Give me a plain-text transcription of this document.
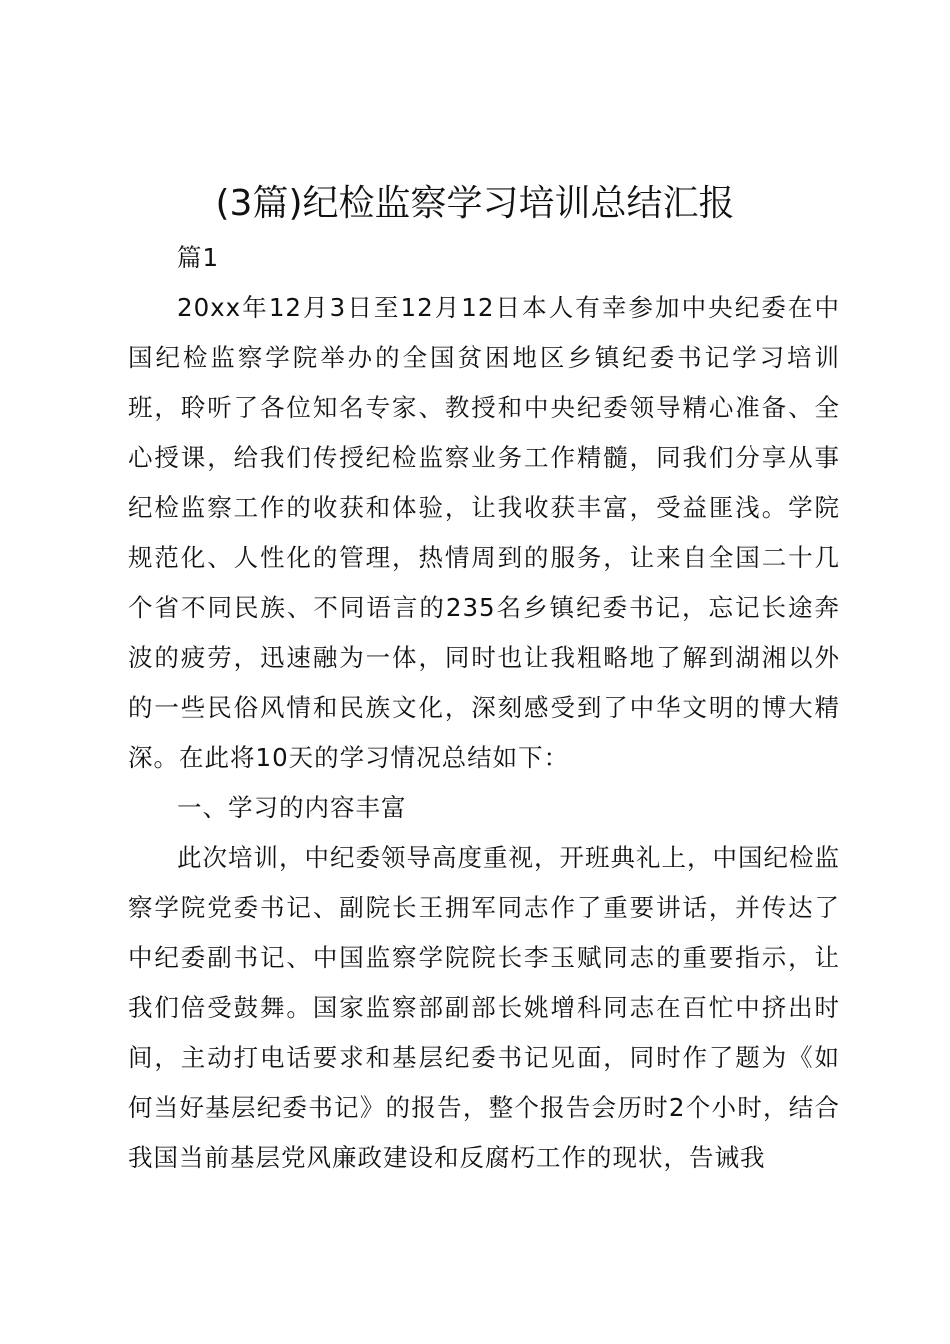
(3篇)纪检监察学习培训总结汇报

篇1

20xx年12月3日至12月12日本人有幸参加中央纪委在中国纪检监察学院举办的全国贫困地区乡镇纪委书记学习培训班，聆听了各位知名专家、教授和中央纪委领导精心准备、全心授课，给我们传授纪检监察业务工作精髓，同我们分享从事纪检监察工作的收获和体验，让我收获丰富，受益匪浅。学院规范化、人性化的管理，热情周到的服务，让来自全国二十几个省不同民族、不同语言的235名乡镇纪委书记，忘记长途奔波的疲劳，迅速融为一体，同时也让我粗略地了解到湖湘以外的一些民俗风情和民族文化，深刻感受到了中华文明的博大精深。在此将10天的学习情况总结如下：

一、学习的内容丰富

此次培训，中纪委领导高度重视，开班典礼上，中国纪检监察学院党委书记、副院长王拥军同志作了重要讲话，并传达了中纪委副书记、中国监察学院院长李玉赋同志的重要指示，让我们倍受鼓舞。国家监察部副部长姚增科同志在百忙中挤出时间，主动打电话要求和基层纪委书记见面，同时作了题为《如何当好基层纪委书记》的报告，整个报告会历时2个小时，结合我国当前基层党风廉政建设和反腐朽工作的现状，告诫我
